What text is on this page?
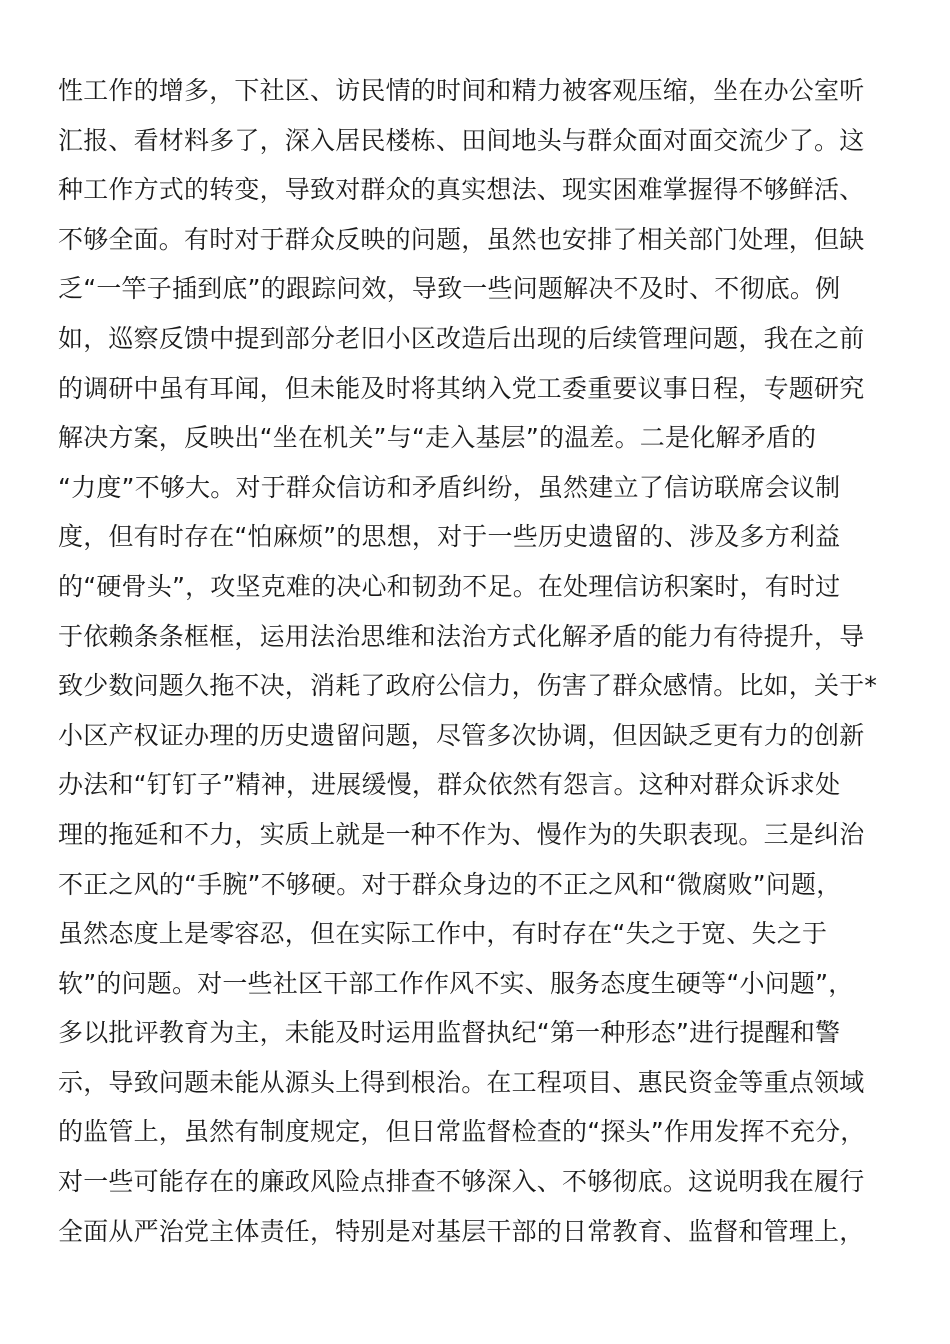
性工作的增多，下社区、访民情的时间和精力被客观压缩，坐在办公室听
汇报、看材料多了，深入居民楼栋、田间地头与群众面对面交流少了。这
种工作方式的转变，导致对群众的真实想法、现实困难掌握得不够鲜活、
不够全面。有时对于群众反映的问题，虽然也安排了相关部门处理，但缺
乏“一竿子插到底”的跟踪问效，导致一些问题解决不及时、不彻底。例
如，巡察反馈中提到部分老旧小区改造后出现的后续管理问题，我在之前
的调研中虽有耳闻，但未能及时将其纳入党工委重要议事日程，专题研究
解决方案，反映出“坐在机关”与“走入基层”的温差。二是化解矛盾的
“力度”不够大。对于群众信访和矛盾纠纷，虽然建立了信访联席会议制
度，但有时存在“怕麻烦”的思想，对于一些历史遗留的、涉及多方利益
的“硬骨头”，攻坚克难的决心和韧劲不足。在处理信访积案时，有时过
于依赖条条框框，运用法治思维和法治方式化解矛盾的能力有待提升，导
致少数问题久拖不决，消耗了政府公信力，伤害了群众感情。比如，关于*
小区产权证办理的历史遗留问题，尽管多次协调，但因缺乏更有力的创新
办法和“钉钉子”精神，进展缓慢，群众依然有怨言。这种对群众诉求处
理的拖延和不力，实质上就是一种不作为、慢作为的失职表现。三是纠治
不正之风的“手腕”不够硬。对于群众身边的不正之风和“微腐败”问题，
虽然态度上是零容忍，但在实际工作中，有时存在“失之于宽、失之于
软”的问题。对一些社区干部工作作风不实、服务态度生硬等“小问题”，
多以批评教育为主，未能及时运用监督执纪“第一种形态”进行提醒和警
示，导致问题未能从源头上得到根治。在工程项目、惠民资金等重点领域
的监管上，虽然有制度规定，但日常监督检查的“探头”作用发挥不充分，
对一些可能存在的廉政风险点排查不够深入、不够彻底。这说明我在履行
全面从严治党主体责任，特别是对基层干部的日常教育、监督和管理上，
